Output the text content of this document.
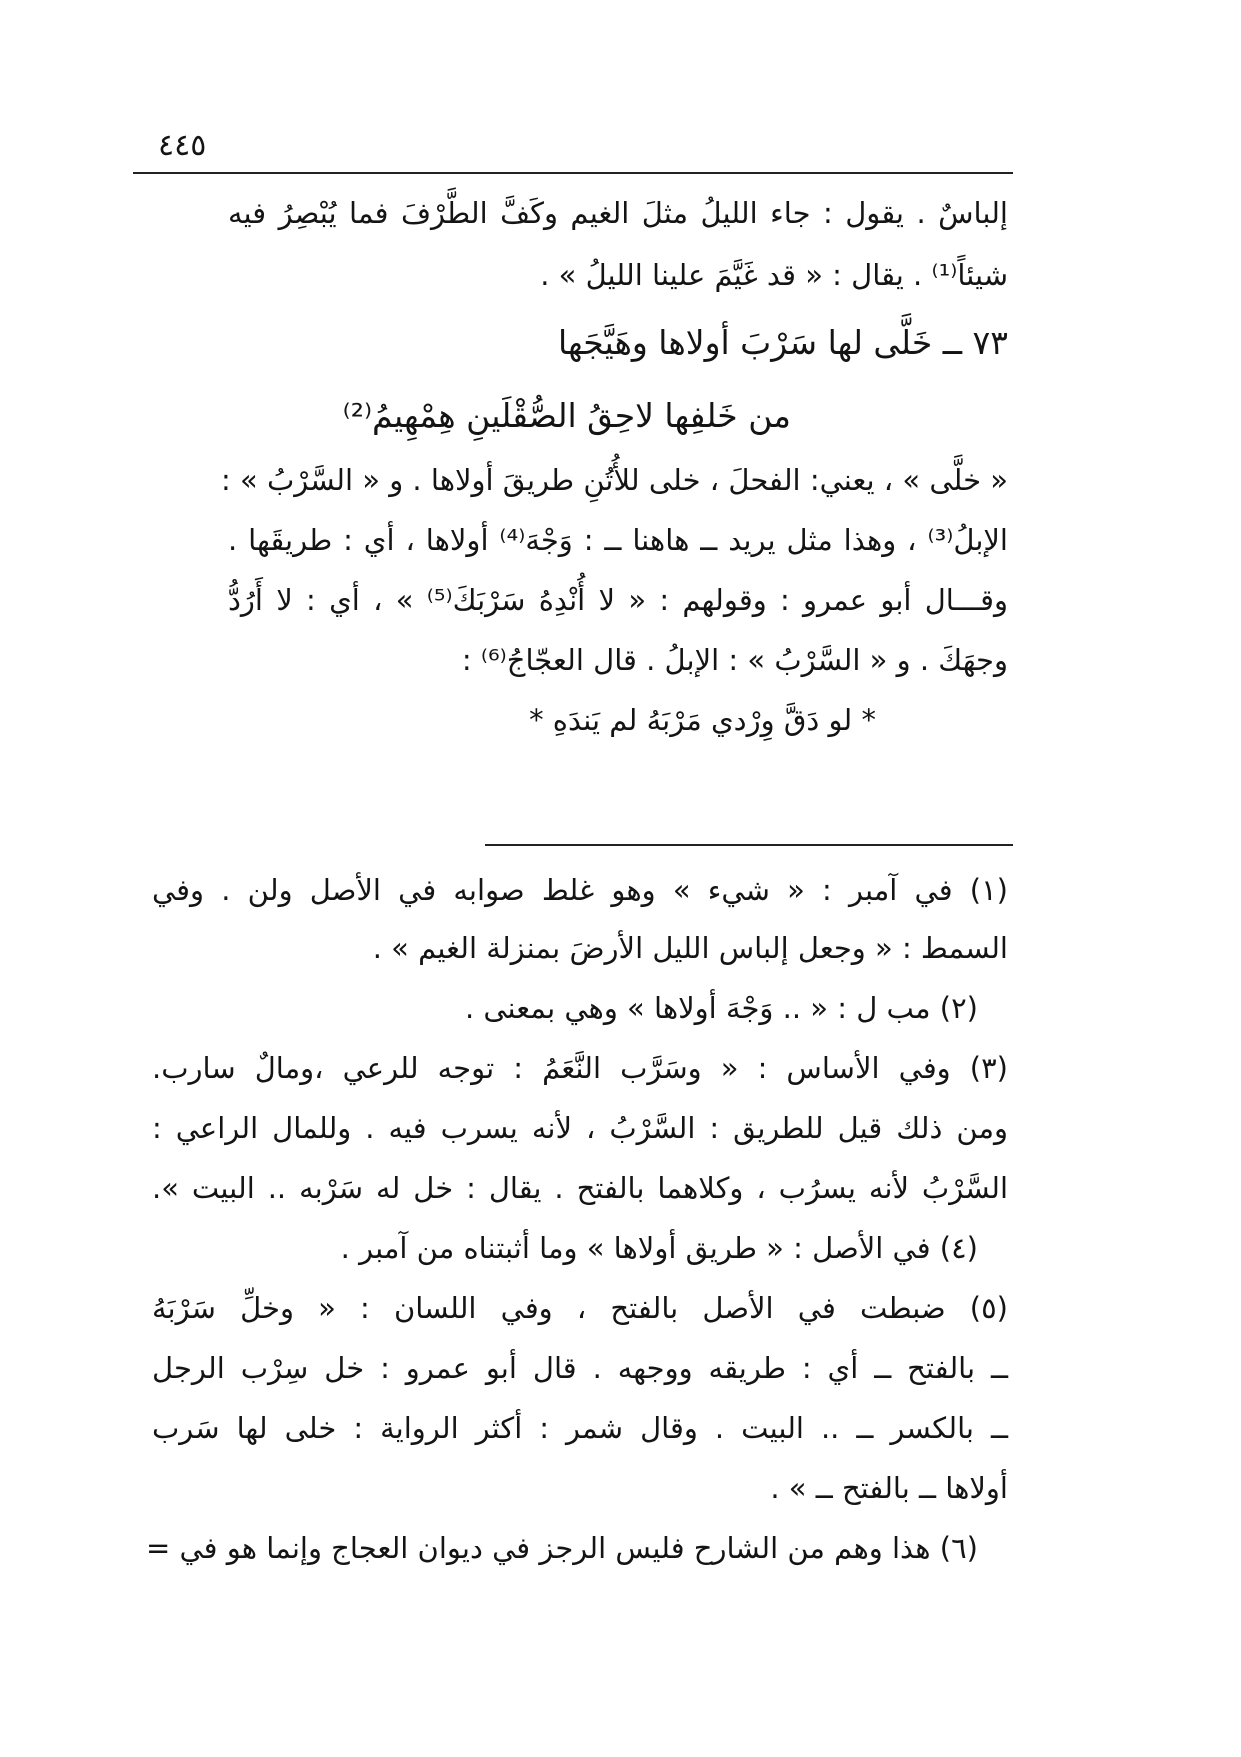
٤٤٥
إلباسٌ . يقول : جاء الليلُ مثلَ الغيم وكَفَّ الطَّرْفَ فما يُبْصِرُ فيه
شيئاً⁽¹⁾ . يقال : « قد غَيَّمَ علينا الليلُ » .
٧٣ ــ خَلَّى لها سَرْبَ أولاها وهَيَّجَها
من خَلفِها لاحِقُ الصُّقْلَينِ هِمْهِيمُ⁽²⁾
« خلَّى » ، يعني: الفحلَ ، خلى للأُتُنِ طريقَ أولاها . و « السَّرْبُ » :
الإبلُ⁽³⁾ ، وهذا مثل يريد ــ هاهنا ــ : وَجْهَ⁽⁴⁾ أولاها ، أي : طريقَها .
وقـــال أبو عمرو : وقولهم : « لا أُنْدِهُ سَرْبَكَ⁽⁵⁾ » ، أي : لا أَرُدُّ
وجهَكَ . و « السَّرْبُ » : الإبلُ . قال العجّاجُ⁽⁶⁾ :
* لو دَقَّ وِرْدي مَرْبَهُ لم يَندَهِ *
(١) في آمبر : « شيء » وهو غلط صوابه في الأصل ولن . وفي
السمط : « وجعل إلباس الليل الأرضَ بمنزلة الغيم » .
(٢) مب ل : « .. وَجْهَ أولاها » وهي بمعنى .
(٣) وفي الأساس : « وسَرَّب النَّعَمُ : توجه للرعي ،ومالٌ سارب.
ومن ذلك قيل للطريق : السَّرْبُ ، لأنه يسرب فيه . وللمال الراعي :
السَّرْبُ لأنه يسرُب ، وكلاهما بالفتح . يقال : خل له سَرْبه .. البيت ».
(٤) في الأصل : « طريق أولاها » وما أثبتناه من آمبر .
(٥) ضبطت في الأصل بالفتح ، وفي اللسان : « وخلِّ سَرْبَهُ
ــ بالفتح ــ أي : طريقه ووجهه . قال أبو عمرو : خل سِرْب الرجل
ــ بالكسر ــ .. البيت . وقال شمر : أكثر الرواية : خلى لها سَرب
أولاها ــ بالفتح ــ » .
(٦) هذا وهم من الشارح فليس الرجز في ديوان العجاج وإنما هو في =
